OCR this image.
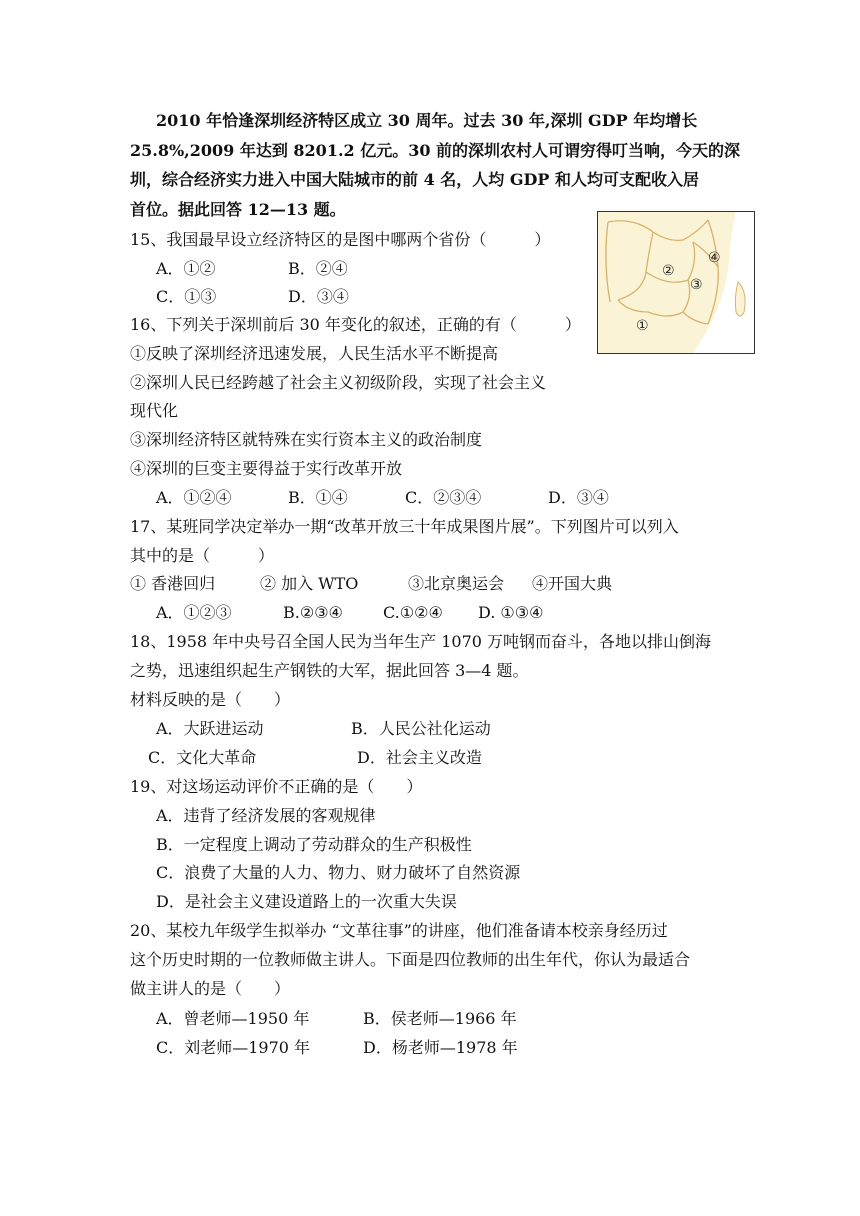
2010 年恰逢深圳经济特区成立 30 周年。过去 30 年,深圳 GDP 年均增长
25.8%,2009 年达到 8201.2 亿元。30 前的深圳农村人可谓穷得叮当响，今天的深
圳，综合经济实力进入中国大陆城市的前 4 名，人均 GDP 和人均可支配收入居
首位。据此回答 12—13 题。
④
②
③
①
15、我国最早设立经济特区的是图中哪两个省份（　　　）
A．①②	B．②④
C．①③	D．③④
16、下列关于深圳前后 30 年变化的叙述，正确的有（　　　）
①反映了深圳经济迅速发展，人民生活水平不断提高
②深圳人民已经跨越了社会主义初级阶段，实现了社会主义
现代化
③深圳经济特区就特殊在实行资本主义的政治制度
④深圳的巨变主要得益于实行改革开放
A．①②④	B．①④	C．②③④	D．③④
17、某班同学决定举办一期“改革开放三十年成果图片展”。下列图片可以列入
其中的是（　　　）
① 香港回归	② 加入 WTO	③北京奥运会 ④开国大典
A．①②③	B.②③④	C.①②④ D. ①③④
18、1958 年中央号召全国人民为当年生产 1070 万吨钢而奋斗，各地以排山倒海
之势，迅速组织起生产钢铁的大军，据此回答 3—4 题。
材料反映的是（　　）
A．大跃进运动	B．人民公社化运动
C．文化大革命	D．社会主义改造
19、对这场运动评价不正确的是（　　）
A．违背了经济发展的客观规律
B．一定程度上调动了劳动群众的生产积极性
C．浪费了大量的人力、物力、财力破坏了自然资源
D．是社会主义建设道路上的一次重大失误
20、某校九年级学生拟举办 “文革往事”的讲座，他们准备请本校亲身经历过
这个历史时期的一位教师做主讲人。下面是四位教师的出生年代，你认为最适合
做主讲人的是（　　）
A．曾老师—1950 年	B．侯老师—1966 年
C．刘老师—1970 年	D．杨老师—1978 年
